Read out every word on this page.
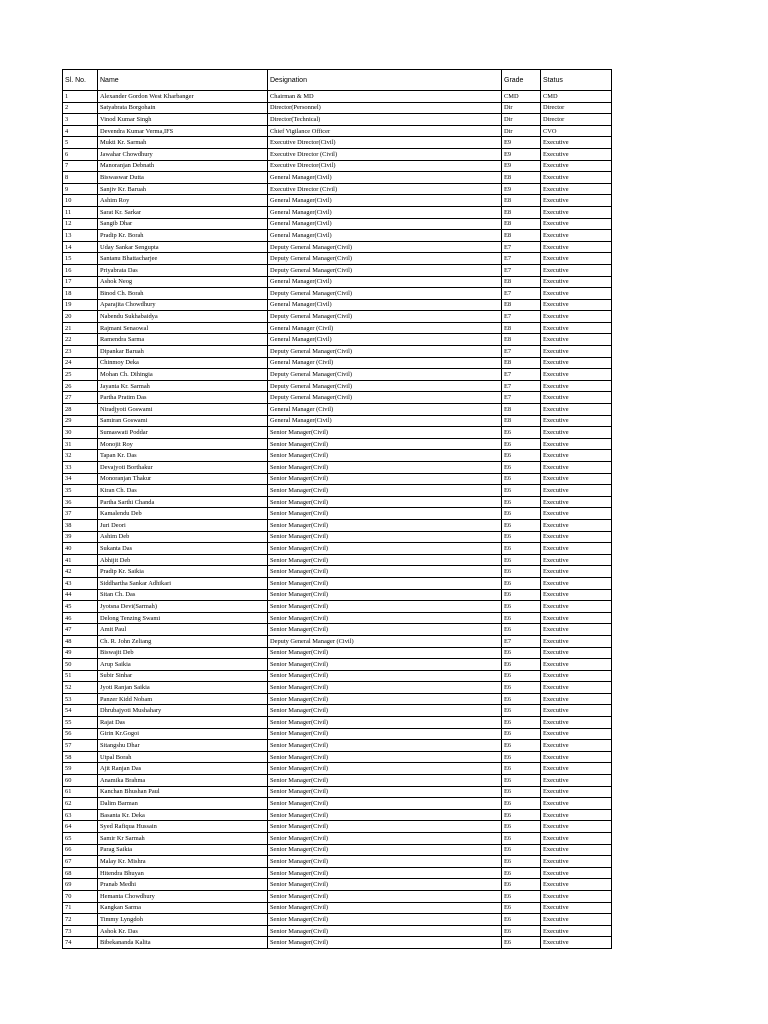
Sl. No.	Name	Designation	Grade	Status
1	Alexander Gordon West Kharbanger	Chairman & MD	CMD	CMD
2	Satyabrata Borgohain	Director(Personnel)	Dir	Director
3	Vinod Kumar Singh	Director(Technical)	Dir	Director
4	Devendra Kumar Verma,IFS	Chief Vigilance Officer	Dir	CVO
5	Mukti Kr. Sarmah	Executive Director(Civil)	E9	Executive
6	Jawahar Chowdhury	Executive Director (Civil)	E9	Executive
7	Manoranjan Debnath	Executive Director(Civil)	E9	Executive
8	Biswaswar Dutta	General Manager(Civil)	E8	Executive
9	Sanjiv Kr. Baruah	Executive Director (Civil)	E9	Executive
10	Ashim Roy	General Manager(Civil)	E8	Executive
11	Sarat Kr. Sarkar	General Manager(Civil)	E8	Executive
12	Sangib Dhar	General Manager(Civil)	E8	Executive
13	Pradip Kr. Borah	General Manager(Civil)	E8	Executive
14	Uday Sankar Sengupta	Deputy General Manager(Civil)	E7	Executive
15	Santanu Bhattacharjee	Deputy General Manager(Civil)	E7	Executive
16	Priyabrata Das	Deputy General Manager(Civil)	E7	Executive
17	Ashok Neog	General Manager(Civil)	E8	Executive
18	Binod Ch. Borah	Deputy General Manager(Civil)	E7	Executive
19	Aparajita Chowdhury	General Manager(Civil)	E8	Executive
20	Nabendu Sukhabaidya	Deputy General Manager(Civil)	E7	Executive
21	Rajmani Senaowal	General Manager (Civil)	E8	Executive
22	Ramendra Sarma	General Manager(Civil)	E8	Executive
23	Dipankar Baruah	Deputy General Manager(Civil)	E7	Executive
24	Chinmoy Deka	General Manager (Civil)	E8	Executive
25	Mohan Ch. Dihingia	Deputy General Manager(Civil)	E7	Executive
26	Jayanta Kr. Sarmah	Deputy General Manager(Civil)	E7	Executive
27	Partha Pratim Das	Deputy General Manager(Civil)	E7	Executive
28	Niradjyoti Goswami	General Manager (Civil)	E8	Executive
29	Samiran Goswami	General Manager(Civil)	E8	Executive
30	Sumaswati Poddar	Senior Manager(Civil)	E6	Executive
31	Monojit Roy	Senior Manager(Civil)	E6	Executive
32	Tapan Kr. Das	Senior Manager(Civil)	E6	Executive
33	Devajyoti Borthakur	Senior Manager(Civil)	E6	Executive
34	Monoranjan Thakur	Senior Manager(Civil)	E6	Executive
35	Kiran Ch. Das	Senior Manager(Civil)	E6	Executive
36	Partha Sarthi Chanda	Senior Manager(Civil)	E6	Executive
37	Kamalendu Deb	Senior Manager(Civil)	E6	Executive
38	Juri Deori	Senior Manager(Civil)	E6	Executive
39	Ashim Deb	Senior Manager(Civil)	E6	Executive
40	Sukanta Das	Senior Manager(Civil)	E6	Executive
41	Abhijit Deb	Senior Manager(Civil)	E6	Executive
42	Pradip Kr. Saikia	Senior Manager(Civil)	E6	Executive
43	Siddhartha Sankar Adhikari	Senior Manager(Civil)	E6	Executive
44	Sitan Ch. Das	Senior Manager(Civil)	E6	Executive
45	Jyotsna Devi(Sarmah)	Senior Manager(Civil)	E6	Executive
46	Delong Tenzing Swami	Senior Manager(Civil)	E6	Executive
47	Amit Paul	Senior Manager(Civil)	E6	Executive
48	Ch. R. John Zeliang	Deputy General Manager (Civil)	E7	Executive
49	Biswajit Deb	Senior Manager(Civil)	E6	Executive
50	Arup Saikia	Senior Manager(Civil)	E6	Executive
51	Subir Sinhar	Senior Manager(Civil)	E6	Executive
52	Jyoti Ranjan Saikia	Senior Manager(Civil)	E6	Executive
53	Panzer Kidd Nobam	Senior Manager(Civil)	E6	Executive
54	Dhrubajyoti Mushahary	Senior Manager(Civil)	E6	Executive
55	Rajat Das	Senior Manager(Civil)	E6	Executive
56	Girin Kr.Gogoi	Senior Manager(Civil)	E6	Executive
57	Sitangshu Dhar	Senior Manager(Civil)	E6	Executive
58	Utpal Borah	Senior Manager(Civil)	E6	Executive
59	Ajit Ranjan Das	Senior Manager(Civil)	E6	Executive
60	Anamika Brahma	Senior Manager(Civil)	E6	Executive
61	Kanchan Bhushan Paul	Senior Manager(Civil)	E6	Executive
62	Dalim Barman	Senior Manager(Civil)	E6	Executive
63	Basanta Kr. Deka	Senior Manager(Civil)	E6	Executive
64	Syed Rafiqua Hussain	Senior Manager(Civil)	E6	Executive
65	Samir Kr Sarmah	Senior Manager(Civil)	E6	Executive
66	Parag Saikia	Senior Manager(Civil)	E6	Executive
67	Malay Kr. Mishra	Senior Manager(Civil)	E6	Executive
68	Hitendra Bhuyan	Senior Manager(Civil)	E6	Executive
69	Pranab Medhi	Senior Manager(Civil)	E6	Executive
70	Hemanta Chowdhury	Senior Manager(Civil)	E6	Executive
71	Kangkan Sarma	Senior Manager(Civil)	E6	Executive
72	Timmy Lyngdoh	Senior Manager(Civil)	E6	Executive
73	Ashok Kr. Das	Senior Manager(Civil)	E6	Executive
74	Bibekananda Kalita	Senior Manager(Civil)	E6	Executive
